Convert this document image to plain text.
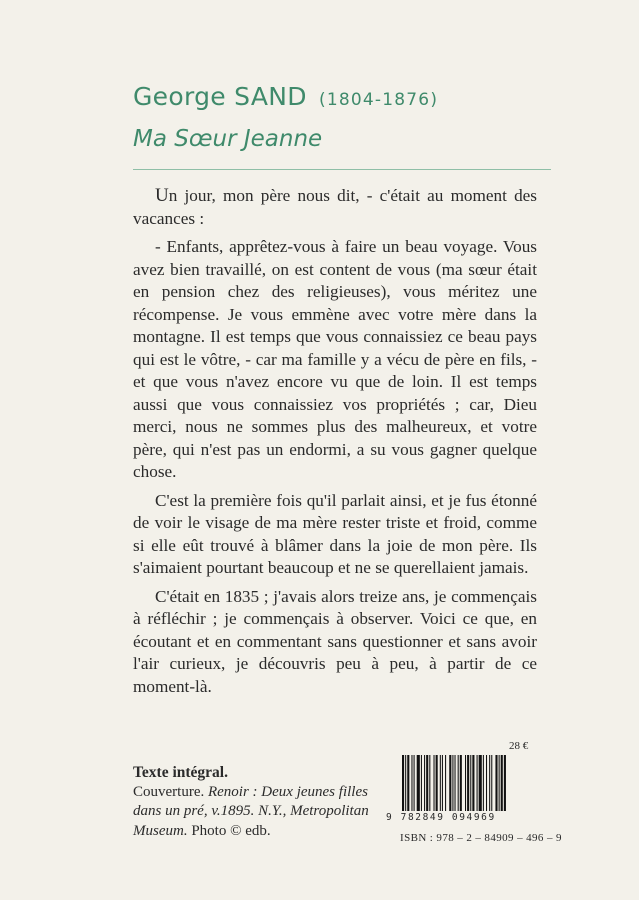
George SAND (1804-1876)
Ma Sœur Jeanne

Un jour, mon père nous dit, - c'était au moment des vacances :

- Enfants, apprêtez-vous à faire un beau voyage. Vous avez bien travaillé, on est content de vous (ma sœur était en pension chez des religieuses), vous méritez une récompense. Je vous emmène avec votre mère dans la montagne. Il est temps que vous connaissiez ce beau pays qui est le vôtre, - car ma famille y a vécu de père en fils, - et que vous n'avez encore vu que de loin. Il est temps aussi que vous connaissiez vos propriétés ; car, Dieu merci, nous ne sommes plus des malheureux, et votre père, qui n'est pas un endormi, a su vous gagner quelque chose.

C'est la première fois qu'il parlait ainsi, et je fus étonné de voir le visage de ma mère rester triste et froid, comme si elle eût trouvé à blâmer dans la joie de mon père. Ils s'aimaient pourtant beaucoup et ne se querellaient jamais.

C'était en 1835 ; j'avais alors treize ans, je commençais à réfléchir ; je commençais à observer. Voici ce que, en écoutant et en commentant sans questionner et sans avoir l'air curieux, je découvris peu à peu, à partir de ce moment-là.

Texte intégral.
Couverture. Renoir : Deux jeunes filles dans un pré, v.1895. N.Y., Metropolitan Museum. Photo © edb.
28 €
9 782849 094969
ISBN : 978 – 2 – 84909 – 496 – 9
